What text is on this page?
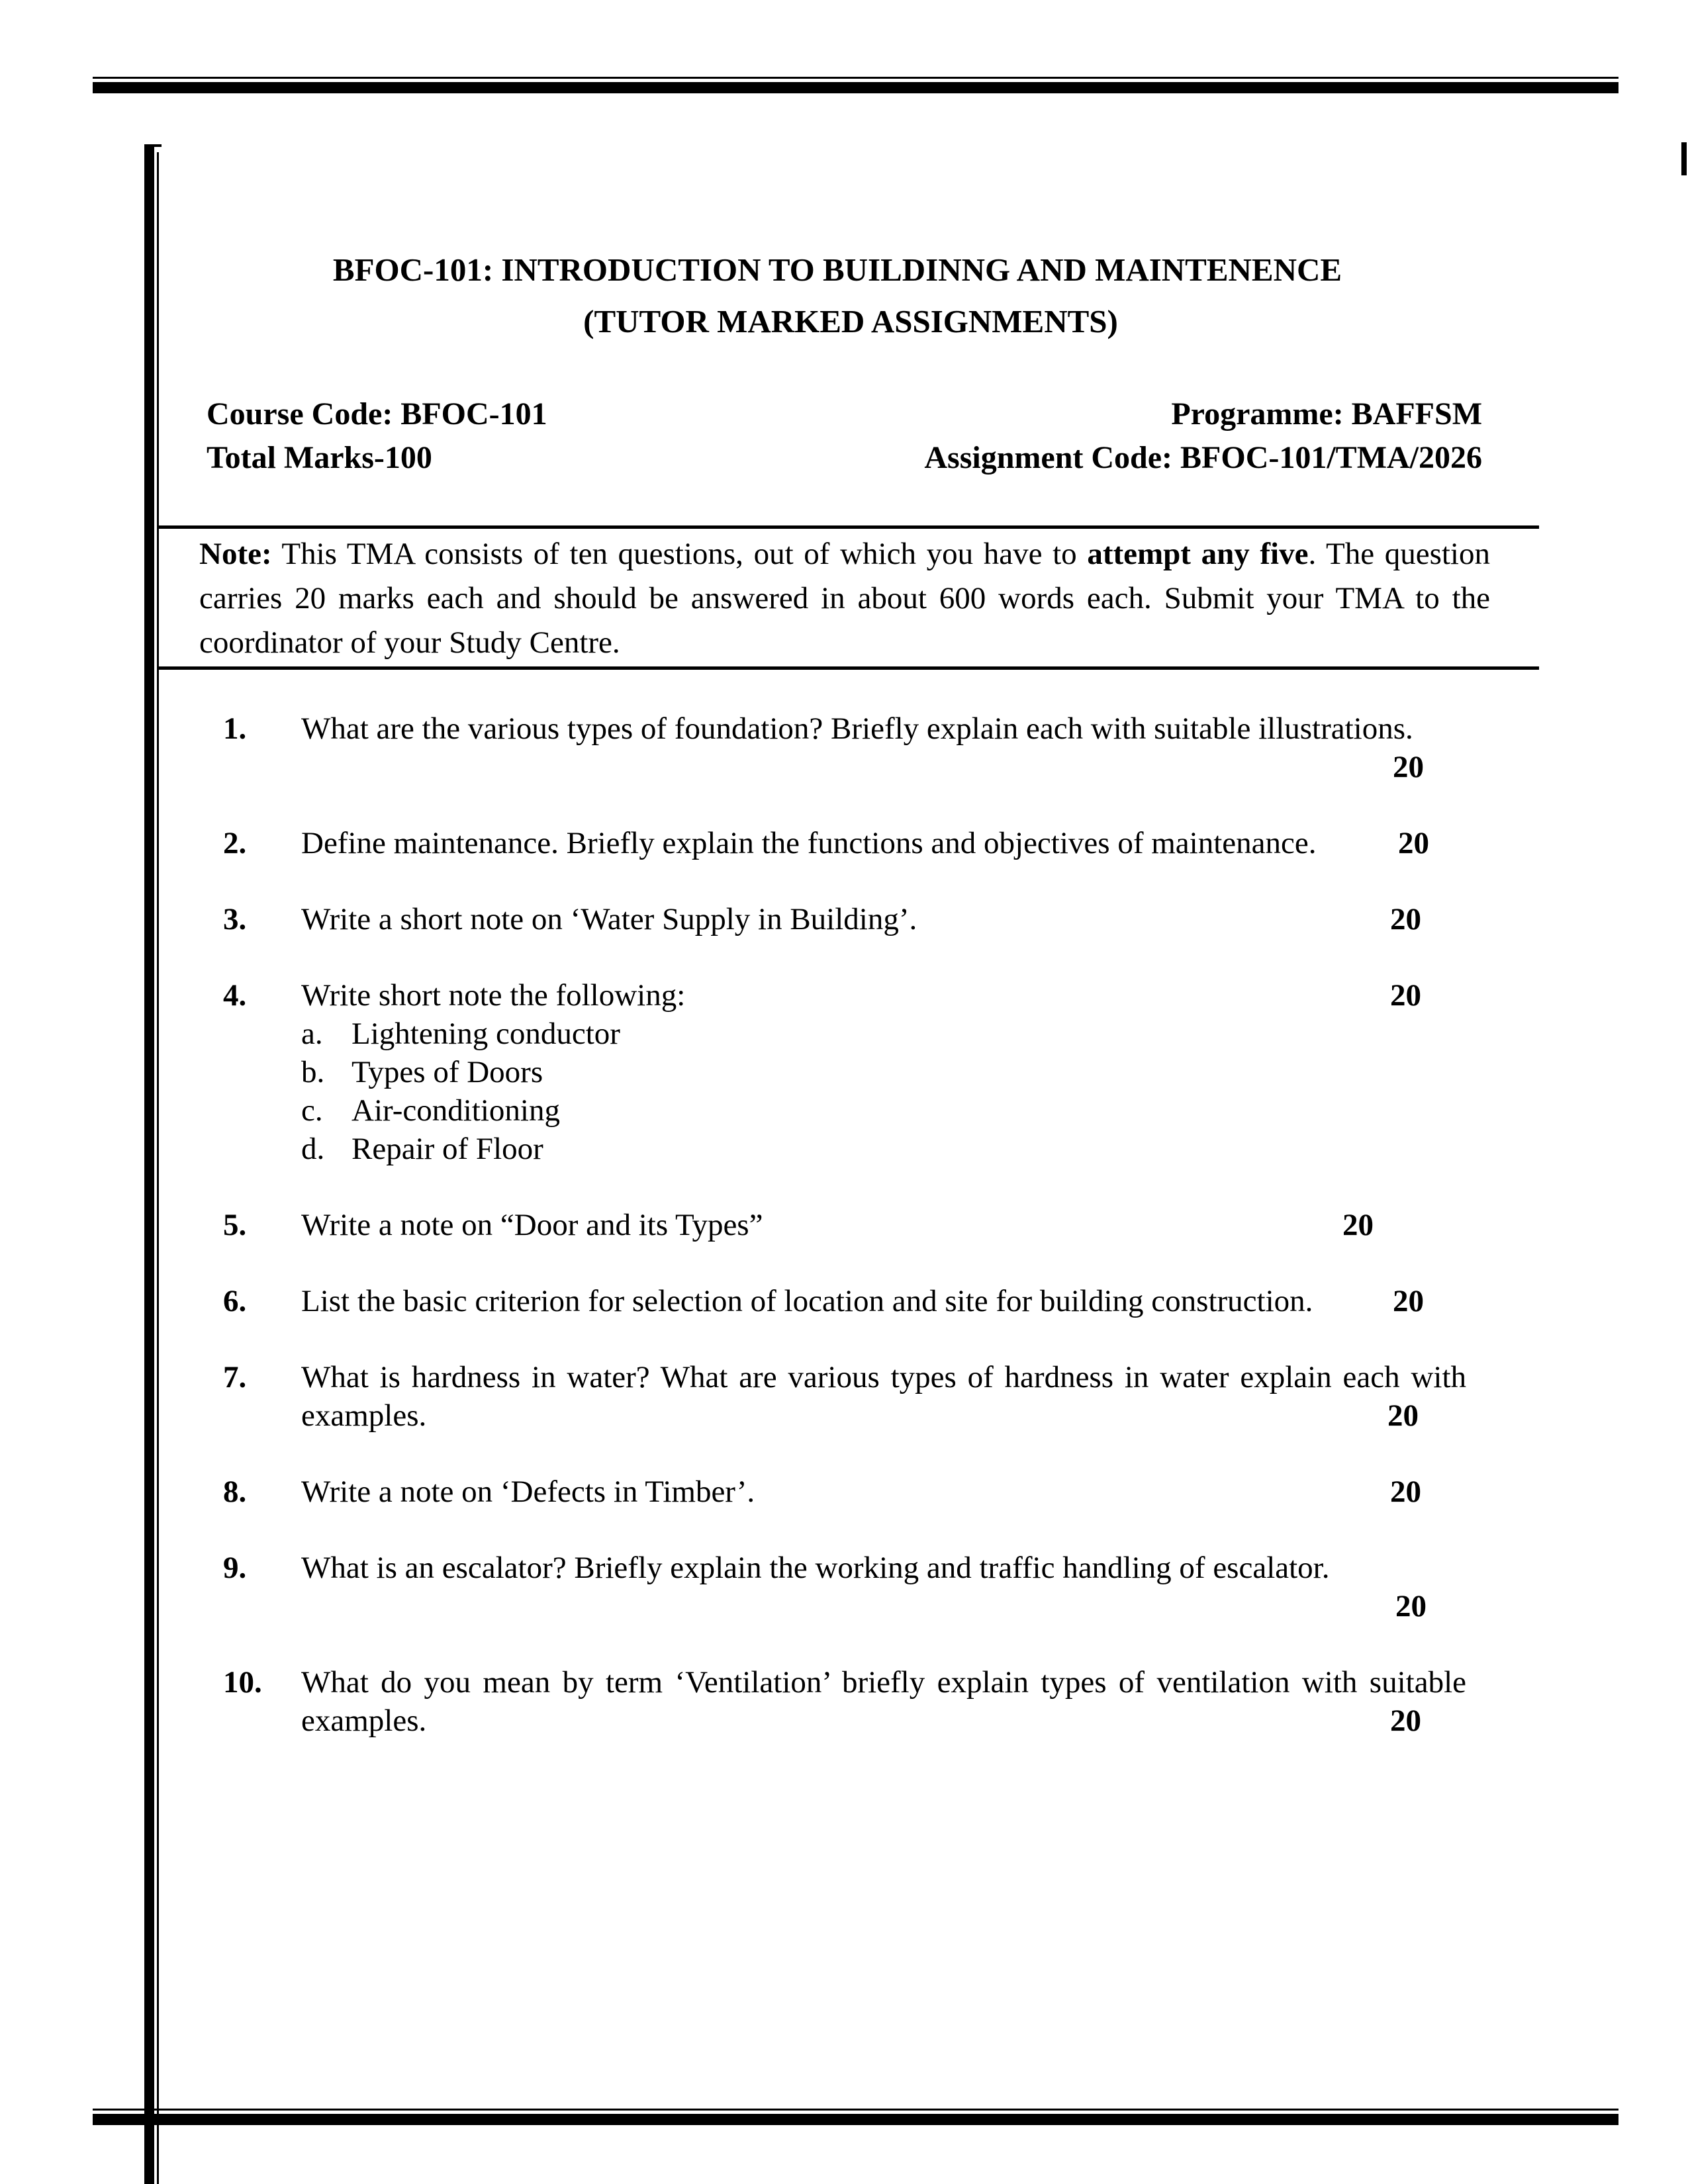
BFOC-101: INTRODUCTION TO BUILDINNG AND MAINTENENCE
(TUTOR MARKED ASSIGNMENTS)
Course Code: BFOC-101
Total Marks-100
Programme: BAFFSM
Assignment Code: BFOC-101/TMA/2026
Note: This TMA consists of ten questions, out of which you have to attempt any five. The question carries 20 marks each and should be answered in about 600 words each. Submit your TMA to the coordinator of your Study Centre.
1.	What are the various types of foundation? Briefly explain each with suitable illustrations.
20
2.	Define maintenance. Briefly explain the functions and objectives of maintenance.	20
3.	Write a short note on ‘Water Supply in Building’.	20
4.	Write short note the following:	20
a. Lightening conductor
b. Types of Doors
c. Air-conditioning
d. Repair of Floor
5.	Write a note on “Door and its Types”	20
6.	List the basic criterion for selection of location and site for building construction.	20
7.	What is hardness in water? What are various types of hardness in water explain each with examples.	20
8.	Write a note on ‘Defects in Timber’.	20
9.	What is an escalator? Briefly explain the working and traffic handling of escalator.
20
10.	What do you mean by term ‘Ventilation’ briefly explain types of ventilation with suitable examples.	20
